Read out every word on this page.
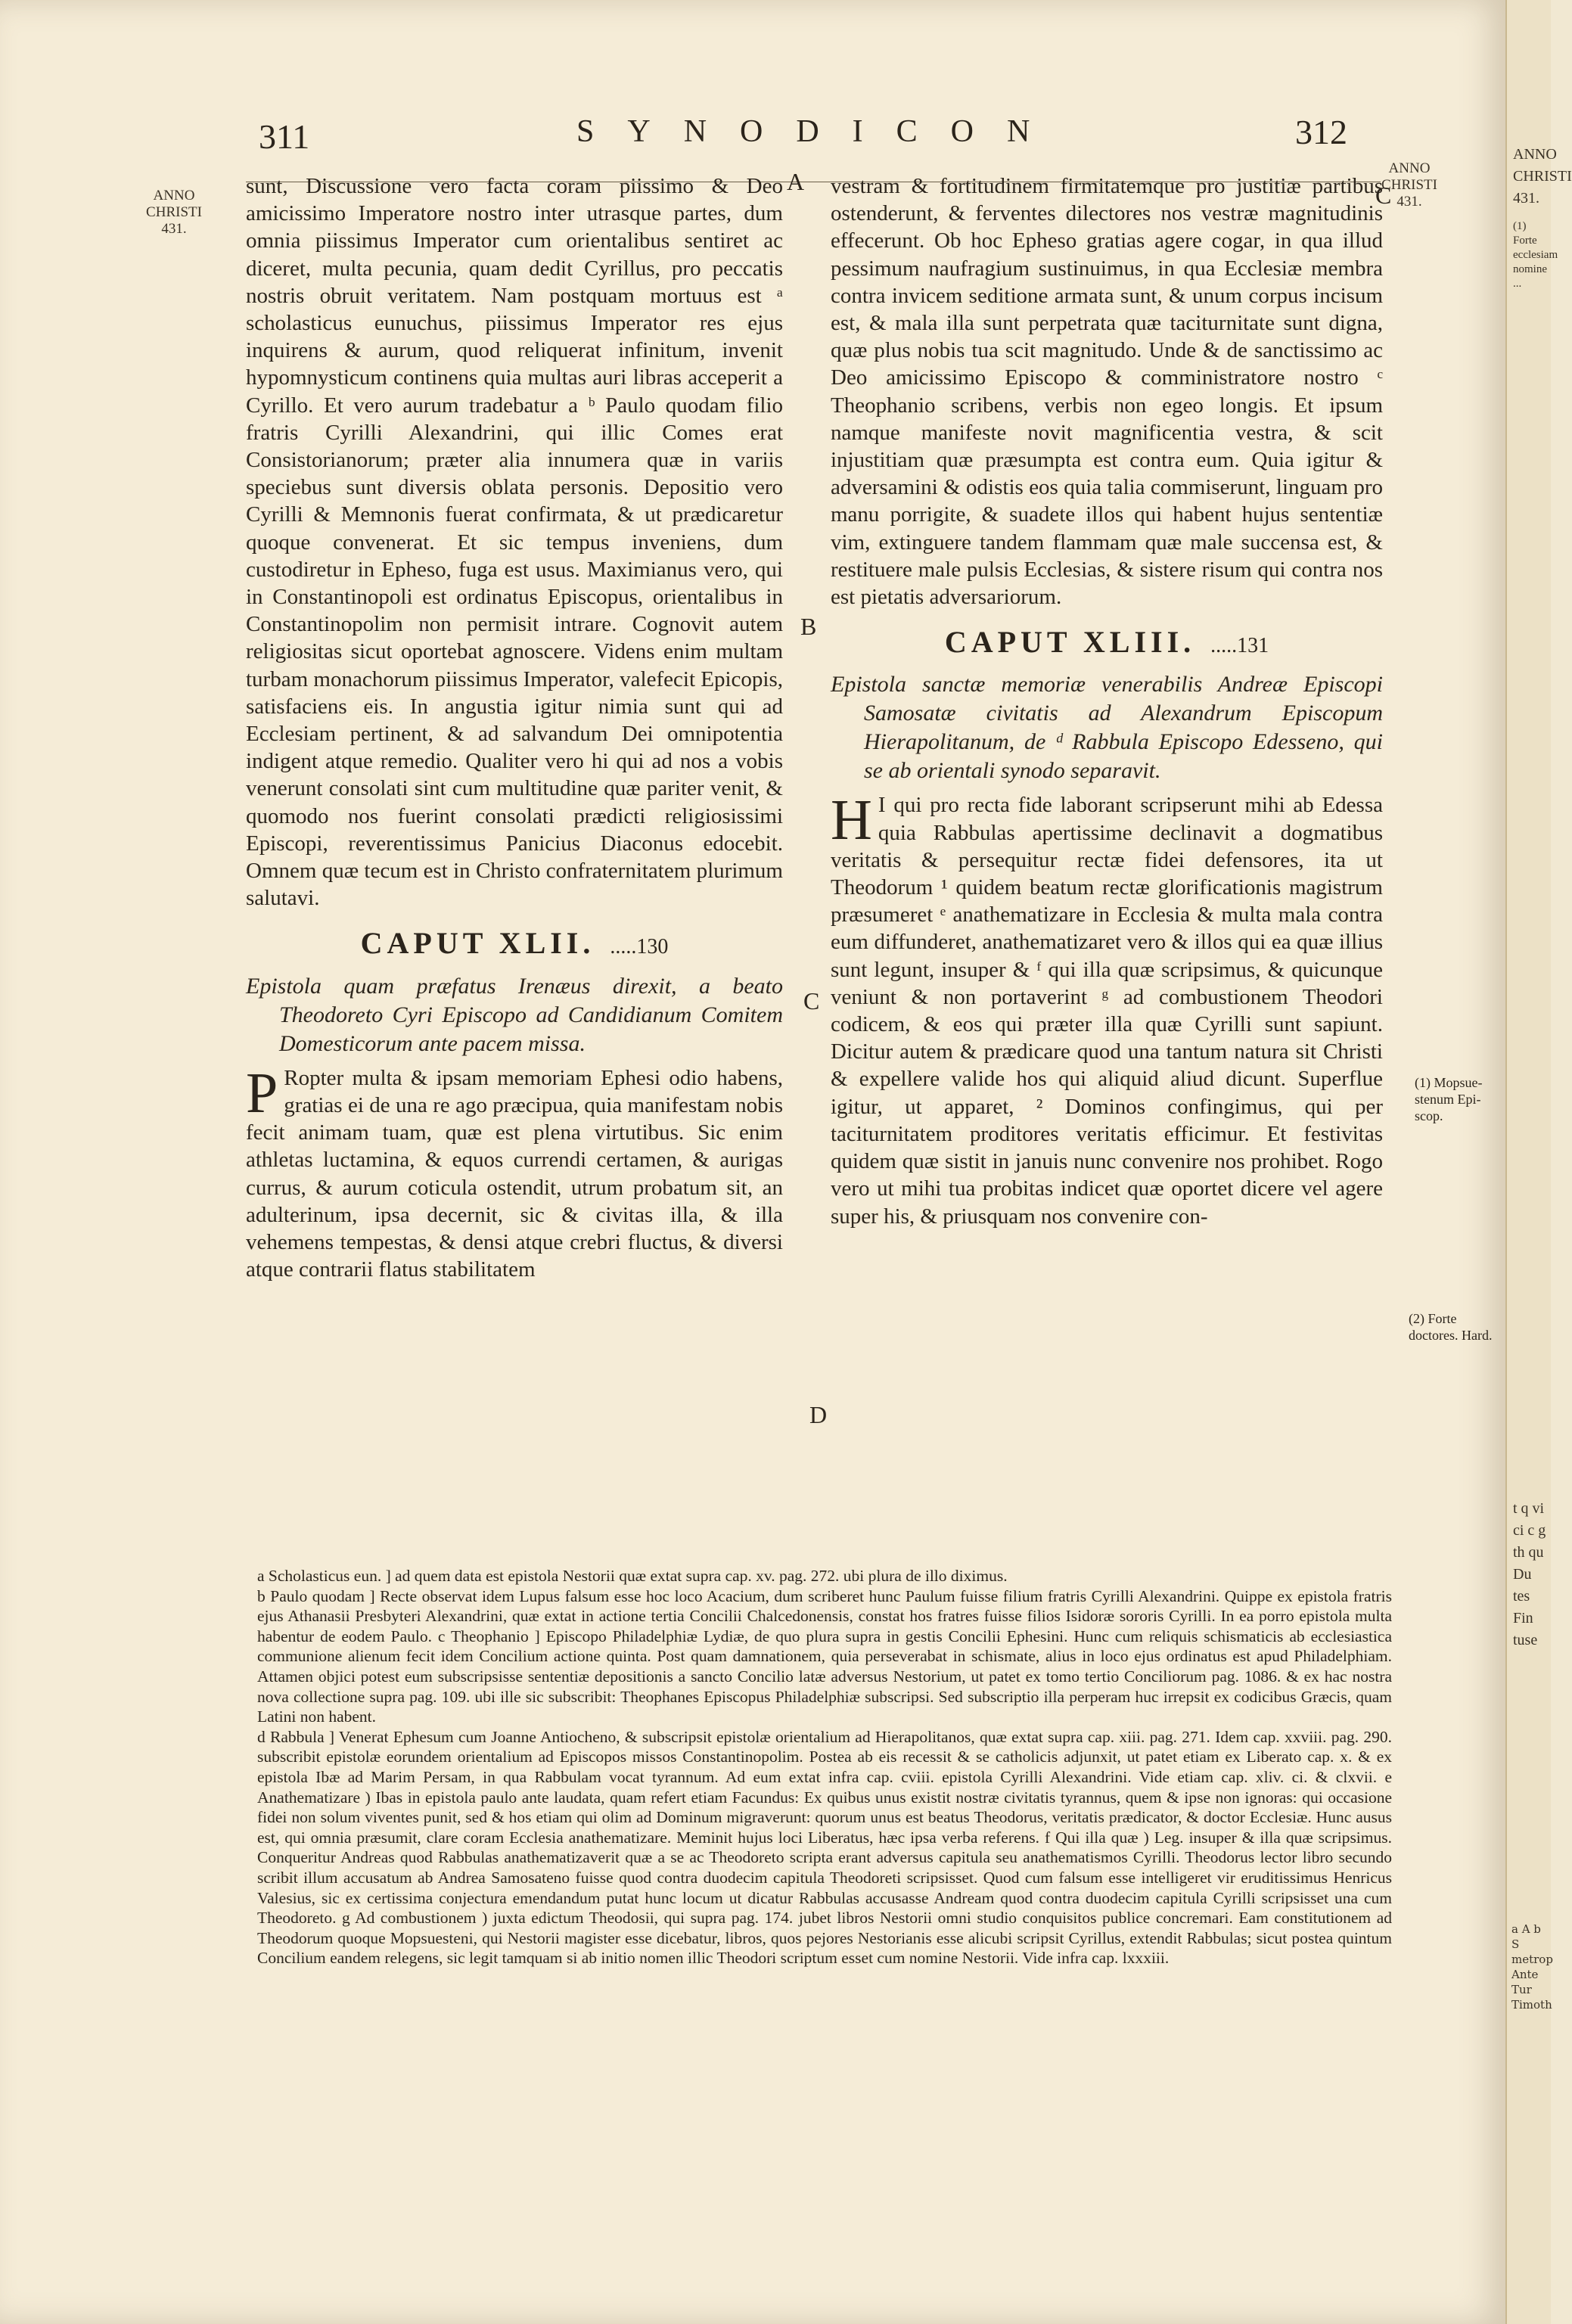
311	SYNODICON	312
ANNO
CHRISTI
431.
ANNO
CHRISTI
431.
A
B
C
C
D

sunt, Discussione vero facta coram piissimo & Deo amicissimo Imperatore nostro inter utrasque partes, dum omnia piissimus Imperator cum orientalibus sentiret ac diceret, multa pecunia, quam dedit Cyrillus, pro peccatis nostris obruit veritatem. Nam postquam mortuus est ᵃ scholasticus eunuchus, piissimus Imperator res ejus inquirens & aurum, quod reliquerat infinitum, invenit hypomnysticum continens quia multas auri libras acceperit a Cyrillo. Et vero aurum tradebatur a ᵇ Paulo quodam filio fratris Cyrilli Alexandrini, qui illic Comes erat Consistorianorum; præter alia innumera quæ in variis speciebus sunt diversis oblata personis. Depositio vero Cyrilli & Memnonis fuerat confirmata, & ut prædicaretur quoque convenerat. Et sic tempus inveniens, dum custodiretur in Epheso, fuga est usus. Maximianus vero, qui in Constantinopoli est ordinatus Episcopus, orientalibus in Constantinopolim non permisit intrare. Cognovit autem religiositas sicut oportebat agnoscere. Videns enim multam turbam monachorum piissimus Imperator, valefecit Epicopis, satisfaciens eis. In angustia igitur nimia sunt qui ad Ecclesiam pertinent, & ad salvandum Dei omnipotentia indigent atque remedio. Qualiter vero hi qui ad nos a vobis venerunt consolati sint cum multitudine quæ pariter venit, & quomodo nos fuerint consolati prædicti religiosissimi Episcopi, reverentissimus Panicius Diaconus edocebit. Omnem quæ tecum est in Christo confraternitatem plurimum salutavi.

CAPUT XLII. .....130
Epistola quam præfatus Irenæus direxit, a beato Theodoreto Cyri Episcopo ad Candidianum Comitem Domesticorum ante pacem missa.

P Ropter multa & ipsam memoriam Ephesi odio habens, gratias ei de una re ago præcipua, quia manifestam nobis fecit animam tuam, quæ est plena virtutibus. Sic enim athletas luctamina, & equos currendi certamen, & aurigas currus, & aurum coticula ostendit, utrum probatum sit, an adulterinum, ipsa decernit, sic & civitas illa, & illa vehemens tempestas, & densi atque crebri fluctus, & diversi atque contrarii flatus stabilitatem

vestram & fortitudinem firmitatemque pro justitiæ partibus ostenderunt, & ferventes dilectores nos vestræ magnitudinis effecerunt. Ob hoc Epheso gratias agere cogar, in qua illud pessimum naufragium sustinuimus, in qua Ecclesiæ membra contra invicem seditione armata sunt, & unum corpus incisum est, & mala illa sunt perpetrata quæ taciturnitate sunt digna, quæ plus nobis tua scit magnitudo. Unde & de sanctissimo ac Deo amicissimo Episcopo & comministratore nostro ᶜ Theophanio scribens, verbis non egeo longis. Et ipsum namque manifeste novit magnificentia vestra, & scit injustitiam quæ præsumpta est contra eum. Quia igitur & adversamini & odistis eos quia talia commiserunt, linguam pro manu porrigite, & suadete illos qui habent hujus sententiæ vim, extinguere tandem flammam quæ male succensa est, & restituere male pulsis Ecclesias, & sistere risum qui contra nos est pietatis adversariorum.

CAPUT XLIII. .....131
Epistola sanctæ memoriæ venerabilis Andreæ Episcopi Samosatæ civitatis ad Alexandrum Episcopum Hierapolitanum, de ᵈ Rabbula Episcopo Edesseno, qui se ab orientali synodo separavit.

H I qui pro recta fide laborant scripserunt mihi ab Edessa quia Rabbulas apertissime declinavit a dogmatibus veritatis & persequitur rectæ fidei defensores, ita ut Theodorum ¹ quidem beatum rectæ glorificationis magistrum præsumeret ᵉ anathematizare in Ecclesia & multa mala contra eum diffunderet, anathematizaret vero & illos qui ea quæ illius sunt legunt, insuper & ᶠ qui illa quæ scripsimus, & quicunque veniunt & non portaverint ᵍ ad combustionem Theodori codicem, & eos qui præter illa quæ Cyrilli sunt sapiunt. Dicitur autem & prædicare quod una tantum natura sit Christi & expellere valide hos qui aliquid aliud dicunt. Superflue igitur, ut apparet, ² Dominos confingimus, qui per taciturnitatem proditores veritatis efficimur. Et festivitas quidem quæ sistit in januis nunc convenire nos prohibet. Rogo vero ut mihi tua probitas indicet quæ oportet dicere vel agere super his, & priusquam nos convenire con-

(1) Mopsue-
stenum Epi-
scop.
(2) Forte
doctores. Hard.

a Scholasticus eun. ] ad quem data est epistola Nestorii quæ extat supra cap. xv. pag. 272. ubi plura de illo diximus.

b Paulo quodam ] Recte observat idem Lupus falsum esse hoc loco Acacium, dum scriberet hunc Paulum fuisse filium fratris Cyrilli Alexandrini. Quippe ex epistola fratris ejus Athanasii Presbyteri Alexandrini, quæ extat in actione tertia Concilii Chalcedonensis, constat hos fratres fuisse filios Isidoræ sororis Cyrilli. In ea porro epistola multa habentur de eodem Paulo. c Theophanio ] Episcopo Philadelphiæ Lydiæ, de quo plura supra in gestis Concilii Ephesini. Hunc cum reliquis schismaticis ab ecclesiastica communione alienum fecit idem Concilium actione quinta. Post quam damnationem, quia perseverabat in schismate, alius in loco ejus ordinatus est apud Philadelphiam. Attamen objici potest eum subscripsisse sententiæ depositionis a sancto Concilio latæ adversus Nestorium, ut patet ex tomo tertio Conciliorum pag. 1086. & ex hac nostra nova collectione supra pag. 109. ubi ille sic subscribit: Theophanes Episcopus Philadelphiæ subscripsi. Sed subscriptio illa perperam huc irrepsit ex codicibus Græcis, quam Latini non habent.

d Rabbula ] Venerat Ephesum cum Joanne Antiocheno, & subscripsit epistolæ orientalium ad Hierapolitanos, quæ extat supra cap. xiii. pag. 271. Idem cap. xxviii. pag. 290. subscribit epistolæ eorundem orientalium ad Episcopos missos Constantinopolim. Postea ab eis recessit & se catholicis adjunxit, ut patet etiam ex Liberato cap. x. & ex epistola Ibæ ad Marim Persam, in qua Rabbulam vocat tyrannum. Ad eum extat infra cap. cviii. epistola Cyrilli Alexandrini. Vide etiam cap. xliv. ci. & clxvii. e Anathematizare ) Ibas in epistola paulo ante laudata, quam refert etiam Facundus: Ex quibus unus existit nostræ civitatis tyrannus, quem & ipse non ignoras: qui occasione fidei non solum viventes punit, sed & hos etiam qui olim ad Dominum migraverunt: quorum unus est beatus Theodorus, veritatis prædicator, & doctor Ecclesiæ. Hunc ausus est, qui omnia præsumit, clare coram Ecclesia anathematizare. Meminit hujus loci Liberatus, hæc ipsa verba referens. f Qui illa quæ ) Leg. insuper & illa quæ scripsimus. Conqueritur Andreas quod Rabbulas anathematizaverit quæ a se ac Theodoreto scripta erant adversus capitula seu anathematismos Cyrilli. Theodorus lector libro secundo scribit illum accusatum ab Andrea Samosateno fuisse quod contra duodecim capitula Theodoreti scripsisset. Quod cum falsum esse intelligeret vir eruditissimus Henricus Valesius, sic ex certissima conjectura emendandum putat hunc locum ut dicatur Rabbulas accusasse Andream quod contra duodecim capitula Cyrilli scripsisset una cum Theodoreto. g Ad combustionem ) juxta edictum Theodosii, qui supra pag. 174. jubet libros Nestorii omni studio conquisitos publice concremari. Eam constitutionem ad Theodorum quoque Mopsuesteni, qui Nestorii magister esse dicebatur, libros, quos pejores Nestorianis esse alicubi scripsit Cyrillus, extendit Rabbulas; sicut postea quintum Concilium eandem relegens, sic legit tamquam si ab initio nomen illic Theodori scriptum esset cum nomine Nestorii. Vide infra cap. lxxxiii.

ANNO CHRISTI 431.
(1) Forte ecclesiam nomine ...
t q vi ci c g th qu Du tes Fin tuse
a A b S metrop Ante Tur Timoth
